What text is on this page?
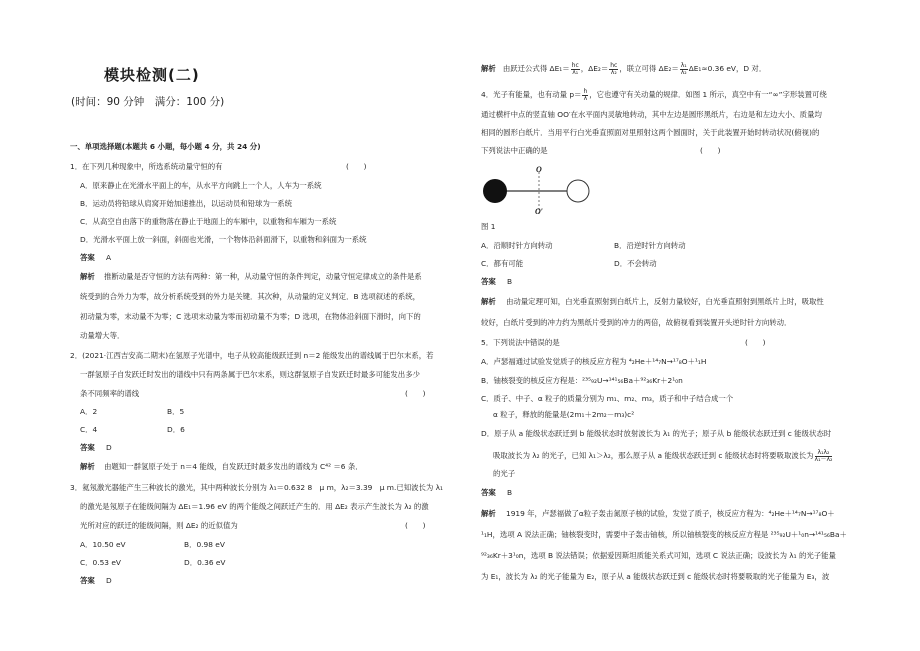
模块检测(二)
(时间：90 分钟　满分：100 分)
一、单项选择题(本题共 6 小题，每小题 4 分，共 24 分)
1．在下列几种现象中，所选系统动量守恒的有	(　　)
A．原来静止在光滑水平面上的车，从水平方向跳上一个人，人车为一系统
B．运动员将铅球从肩窝开始加速推出，以运动员和铅球为一系统
C．从高空自由落下的重物落在静止于地面上的车厢中，以重物和车厢为一系统
D．光滑水平面上放一斜面，斜面也光滑，一个物体沿斜面滑下，以重物和斜面为一系统
答案 A
解析 推断动量是否守恒的方法有两种：第一种，从动量守恒的条件判定，动量守恒定律成立的条件是系
统受到的合外力为零，故分析系统受到的外力是关键．其次种，从动量的定义判定．B 选项叙述的系统，
初动量为零，末动量不为零；C 选项末动量为零而初动量不为零；D 选项，在物体沿斜面下滑时，向下的
动量增大等．
2．(2021·江西吉安高二期末)在氢原子光谱中，电子从较高能级跃迁到 n＝2 能级发出的谱线属于巴尔末系，若
一群氢原子自发跃迁时发出的谱线中只有两条属于巴尔末系，则这群氢原子自发跃迁时最多可能发出多少
条不同频率的谱线	(　　)
A．2	B．5
C．4	D．6
答案 D
解析 由题知一群氢原子处于 n＝4 能级，自发跃迁时最多发出的谱线为 C⁴² ＝6 条．
3．氦氖激光器能产生三种波长的激光，其中两种波长分别为 λ₁＝0.632 8　μ m，λ₂＝3.39　μ m.已知波长为 λ₁
的激光是氖原子在能级间隔为 ΔE₁＝1.96 eV 的两个能级之间跃迁产生的．用 ΔE₂ 表示产生波长为 λ₂ 的激
光所对应的跃迁的能级间隔，则 ΔE₂ 的近似值为	(　　)
A．10.50 eV	B．0.98 eV
C．0.53 eV	D．0.36 eV
答案 D
解析 由跃迁公式得 $\Delta E_1= \frac{hc}{\text{λ₁}}$ ，$\Delta E_2= \frac{hc}{\text{λ₂}}$ ，联立可得 $\Delta E_2= \frac{\text{λ₁}}{\text{λ₂}} \Delta E_1\approx 0.36$ eV，D 对．
4．光子有能量，也有动量 $p= \frac{h}{\lambda}$ ，它也遵守有关动量的规律．如图 1 所示，真空中有一“∞”字形装置可绕
通过横杆中点的竖直轴 OO′在水平面内灵敏地转动，其中左边是圆形黑纸片，右边是和左边大小、质量均
相同的圆形白纸片．当用平行白光垂直照面对里照射这两个圆面时，关于此装置开始时转动状况(俯视)的
下列说法中正确的是	(　　)
O
O′
图 1
A．沿顺时针方向转动	B．沿逆时针方向转动
C．都有可能	D．不会转动
答案 B
解析 由动量定理可知，白光垂直照射到白纸片上，反射力量较好，白光垂直照射到黑纸片上时，吸取性
较好，白纸片受到的冲力约为黑纸片受到的冲力的两倍，故俯视看到装置开头逆时针方向转动．
5．下列说法中错误的是	(　　)
A．卢瑟福通过试验发觉质子的核反应方程为 ⁴₂He＋¹⁴₇N→¹⁷₈O＋¹₁H
B．铀核裂变的核反应方程是：²³⁵₉₂U→¹⁴¹₅₆Ba＋⁹²₃₆Kr＋2¹₀n
C．质子、中子、α 粒子的质量分别为 m₁、m₂、m₃，质子和中子结合成一个
α 粒子，释放的能量是(2m₁＋2m₂－m₃)c²
D．原子从 a 能级状态跃迁到 b 能级状态时放射波长为 λ₁ 的光子；原子从 b 能级状态跃迁到 c 能级状态时
吸取波长为 λ₂ 的光子，已知 λ₁＞λ₂，那么原子从 a 能级状态跃迁到 c 能级状态时将要吸取波长为 $\frac{\text{λ₁λ₂}}{\text{λ₁－λ₂}}$
的光子
答案 B
解析 1919 年，卢瑟福做了α粒子轰击氮原子核的试验，发觉了质子，核反应方程为：⁴₂He＋¹⁴₇N→¹⁷₈O＋
¹₁H，选项 A 说法正确；铀核裂变时，需要中子轰击铀核，所以铀核裂变的核反应方程是 ²³⁵₉₂U＋¹₀n→¹⁴¹₅₆Ba＋
⁹²₃₆Kr＋3¹₀n，选项 B 说法错误；依据爱因斯坦质能关系式可知，选项 C 说法正确；设波长为 λ₁ 的光子能量
为 E₁，波长为 λ₂ 的光子能量为 E₂，原子从 a 能级状态跃迁到 c 能级状态时将要吸取的光子能量为 E₃，波
